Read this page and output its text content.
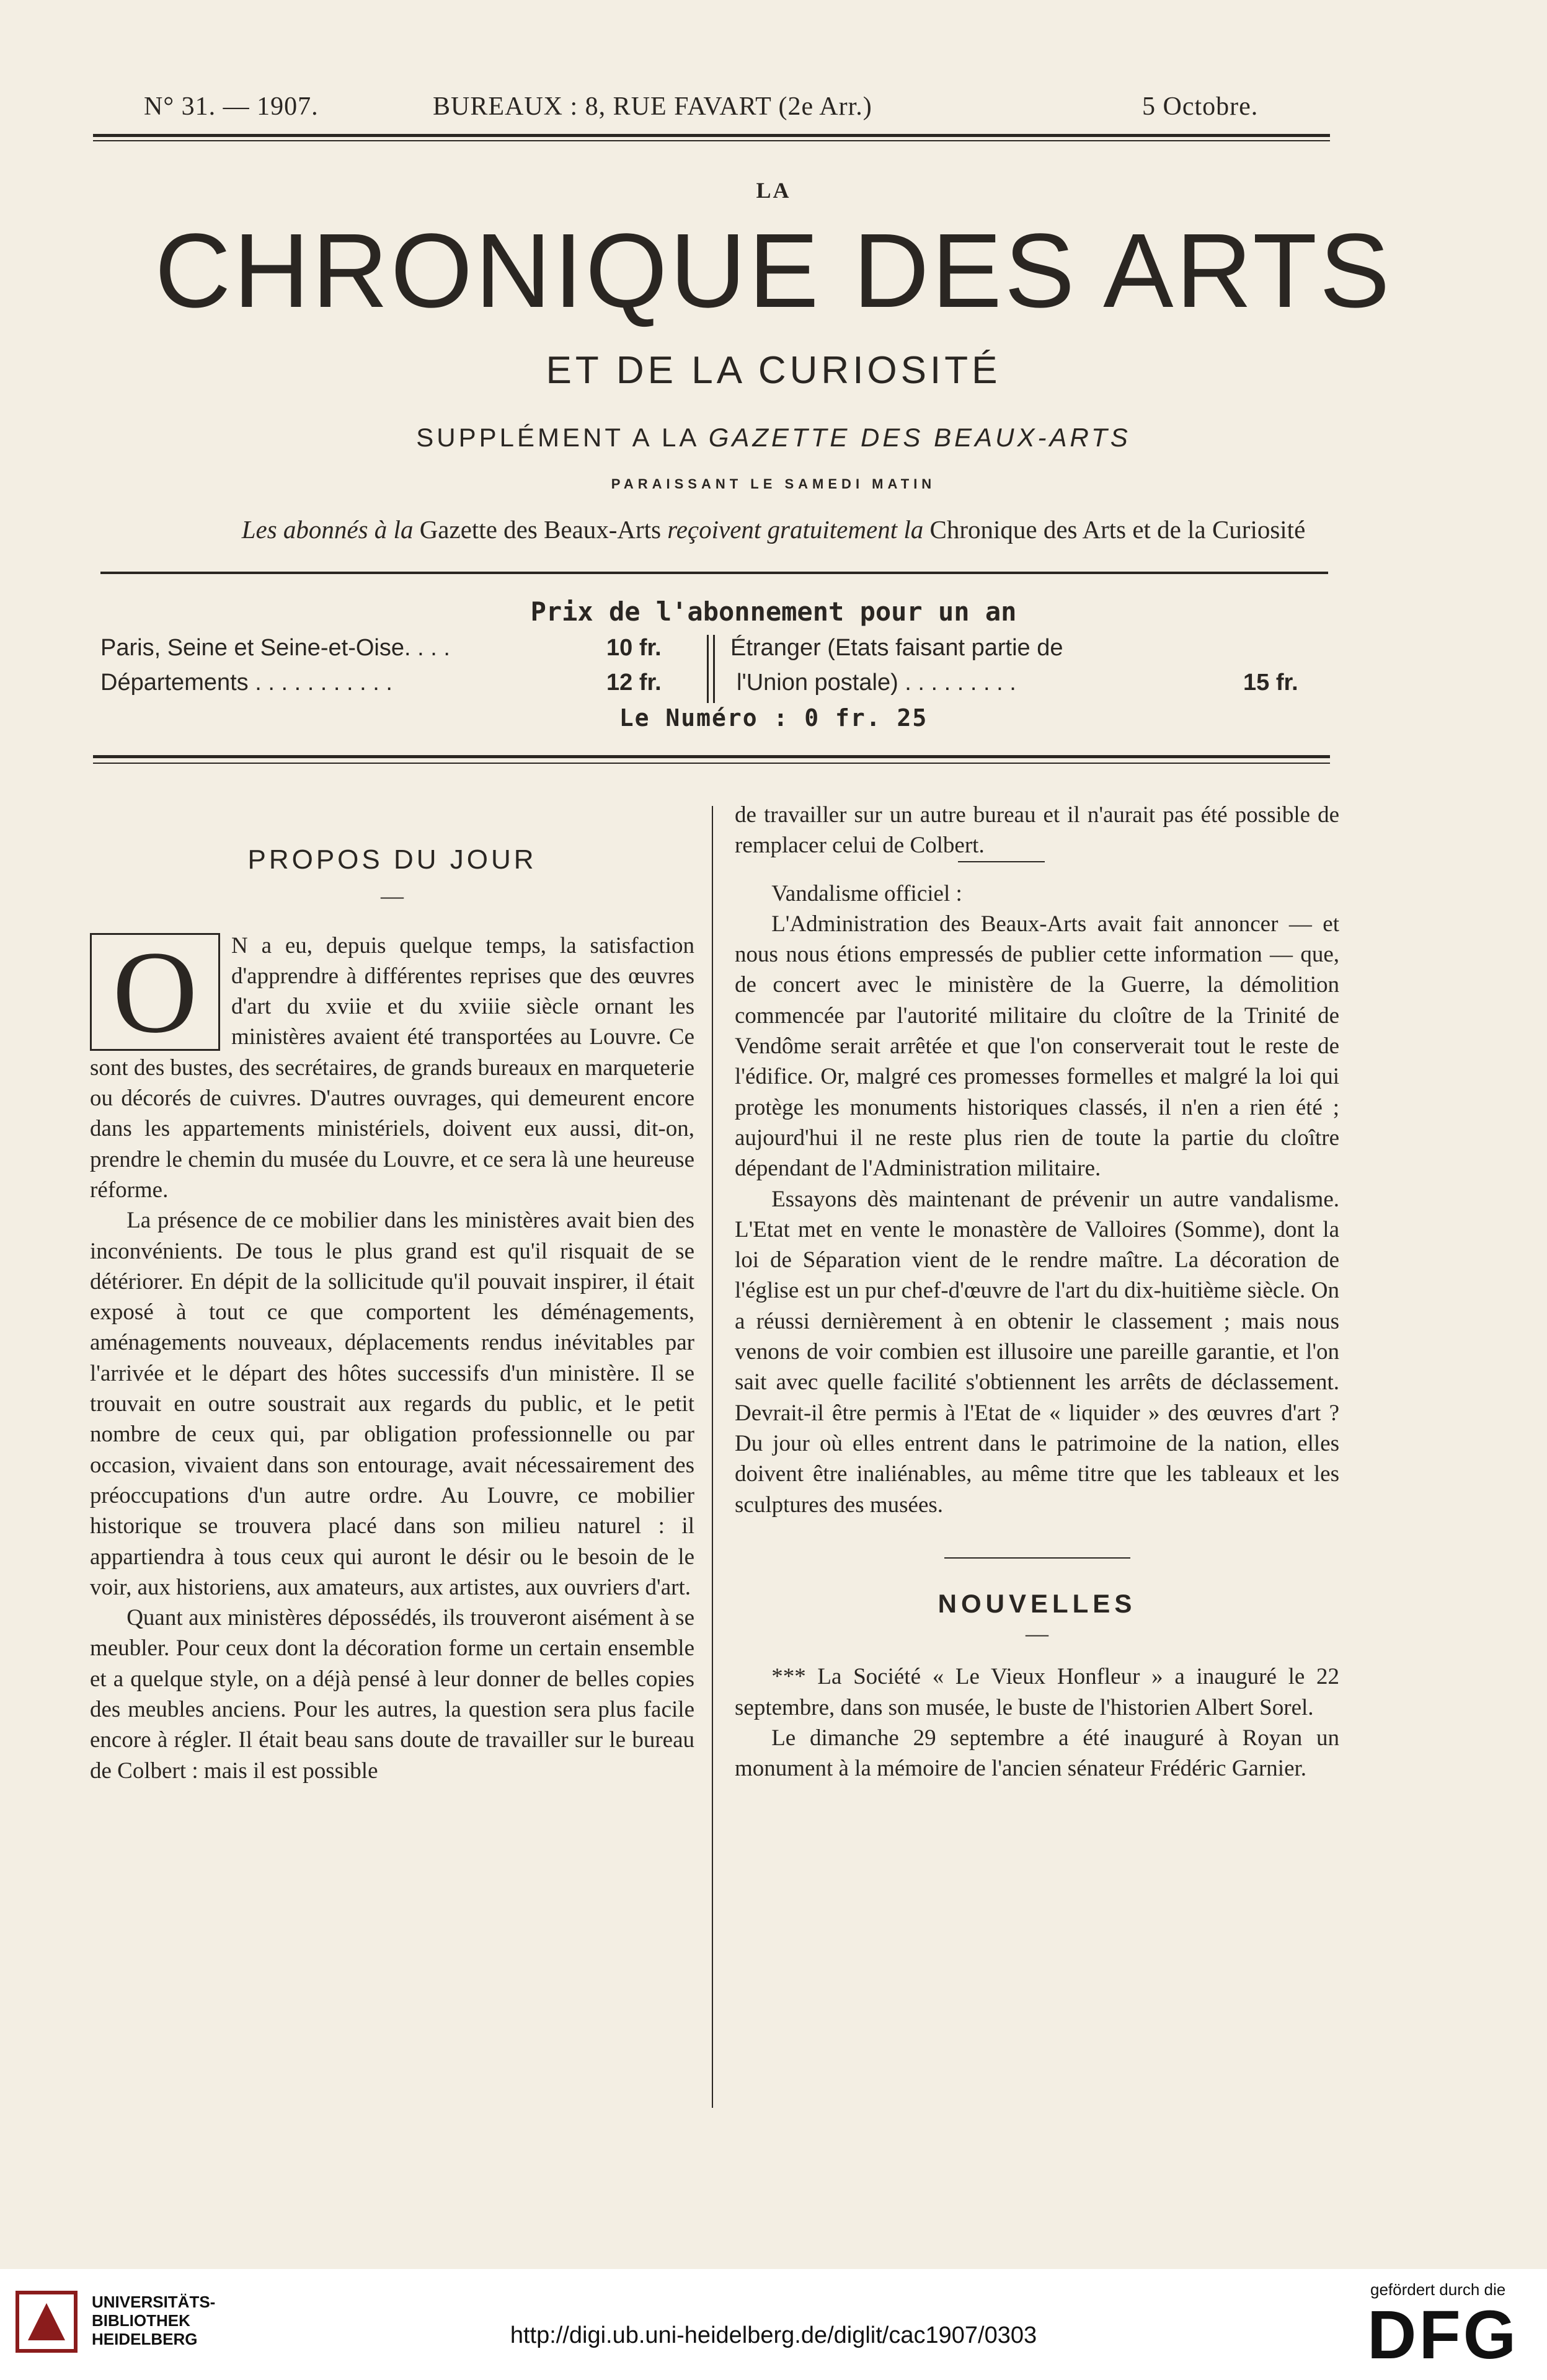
N° 31. — 1907.	BUREAUX : 8, RUE FAVART (2e Arr.)	5 Octobre.
LA
CHRONIQUE DES ARTS
ET DE LA CURIOSITÉ
SUPPLÉMENT A LA GAZETTE DES BEAUX-ARTS
PARAISSANT LE SAMEDI MATIN
Les abonnés à la Gazette des Beaux-Arts reçoivent gratuitement la Chronique des Arts et de la Curiosité
Prix de l'abonnement pour un an
Paris, Seine et Seine-et-Oise. . . .	10 fr.
Départements . . . . . . . . . . .	12 fr.
Étranger (Etats faisant partie de
l'Union postale) . . . . . . . . .	15 fr.
Le Numéro : 0 fr. 25
PROPOS DU JOUR
—
O	N a eu, depuis quelque temps, la satisfaction d'apprendre à différentes reprises que des œuvres d'art du xviie et du xviiie siècle ornant les ministères avaient été transportées au Louvre. Ce sont des bustes, des secrétaires, de grands bureaux en marqueterie ou décorés de cuivres. D'autres ouvrages, qui demeurent encore dans les appartements ministériels, doivent eux aussi, dit-on, prendre le chemin du musée du Louvre, et ce sera là une heureuse réforme.

La présence de ce mobilier dans les ministères avait bien des inconvénients. De tous le plus grand est qu'il risquait de se détériorer. En dépit de la sollicitude qu'il pouvait inspirer, il était exposé à tout ce que comportent les déménagements, aménagements nouveaux, déplacements rendus inévitables par l'arrivée et le départ des hôtes successifs d'un ministère. Il se trouvait en outre soustrait aux regards du public, et le petit nombre de ceux qui, par obligation professionnelle ou par occasion, vivaient dans son entourage, avait nécessairement des préoccupations d'un autre ordre. Au Louvre, ce mobilier historique se trouvera placé dans son milieu naturel : il appartiendra à tous ceux qui auront le désir ou le besoin de le voir, aux historiens, aux amateurs, aux artistes, aux ouvriers d'art.

Quant aux ministères dépossédés, ils trouveront aisément à se meubler. Pour ceux dont la décoration forme un certain ensemble et a quelque style, on a déjà pensé à leur donner de belles copies des meubles anciens. Pour les autres, la question sera plus facile encore à régler. Il était beau sans doute de travailler sur le bureau de Colbert : mais il est possible

de travailler sur un autre bureau et il n'aurait pas été possible de remplacer celui de Colbert.

Vandalisme officiel :

L'Administration des Beaux-Arts avait fait annoncer — et nous nous étions empressés de publier cette information — que, de concert avec le ministère de la Guerre, la démolition commencée par l'autorité militaire du cloître de la Trinité de Vendôme serait arrêtée et que l'on conserverait tout le reste de l'édifice. Or, malgré ces promesses formelles et malgré la loi qui protège les monuments historiques classés, il n'en a rien été ; aujourd'hui il ne reste plus rien de toute la partie du cloître dépendant de l'Administration militaire.

Essayons dès maintenant de prévenir un autre vandalisme. L'Etat met en vente le monastère de Valloires (Somme), dont la loi de Séparation vient de le rendre maître. La décoration de l'église est un pur chef-d'œuvre de l'art du dix-huitième siècle. On a réussi dernièrement à en obtenir le classement ; mais nous venons de voir combien est illusoire une pareille garantie, et l'on sait avec quelle facilité s'obtiennent les arrêts de déclassement. Devrait-il être permis à l'Etat de « liquider » des œuvres d'art ? Du jour où elles entrent dans le patrimoine de la nation, elles doivent être inaliénables, au même titre que les tableaux et les sculptures des musées.

NOUVELLES
—

*** La Société « Le Vieux Honfleur » a inauguré le 22 septembre, dans son musée, le buste de l'historien Albert Sorel.

Le dimanche 29 septembre a été inauguré à Royan un monument à la mémoire de l'ancien sénateur Frédéric Garnier.

UNIVERSITÄTS-
BIBLIOTHEK
HEIDELBERG	http://digi.ub.uni-heidelberg.de/diglit/cac1907/0303
gefördert durch die
DFG
